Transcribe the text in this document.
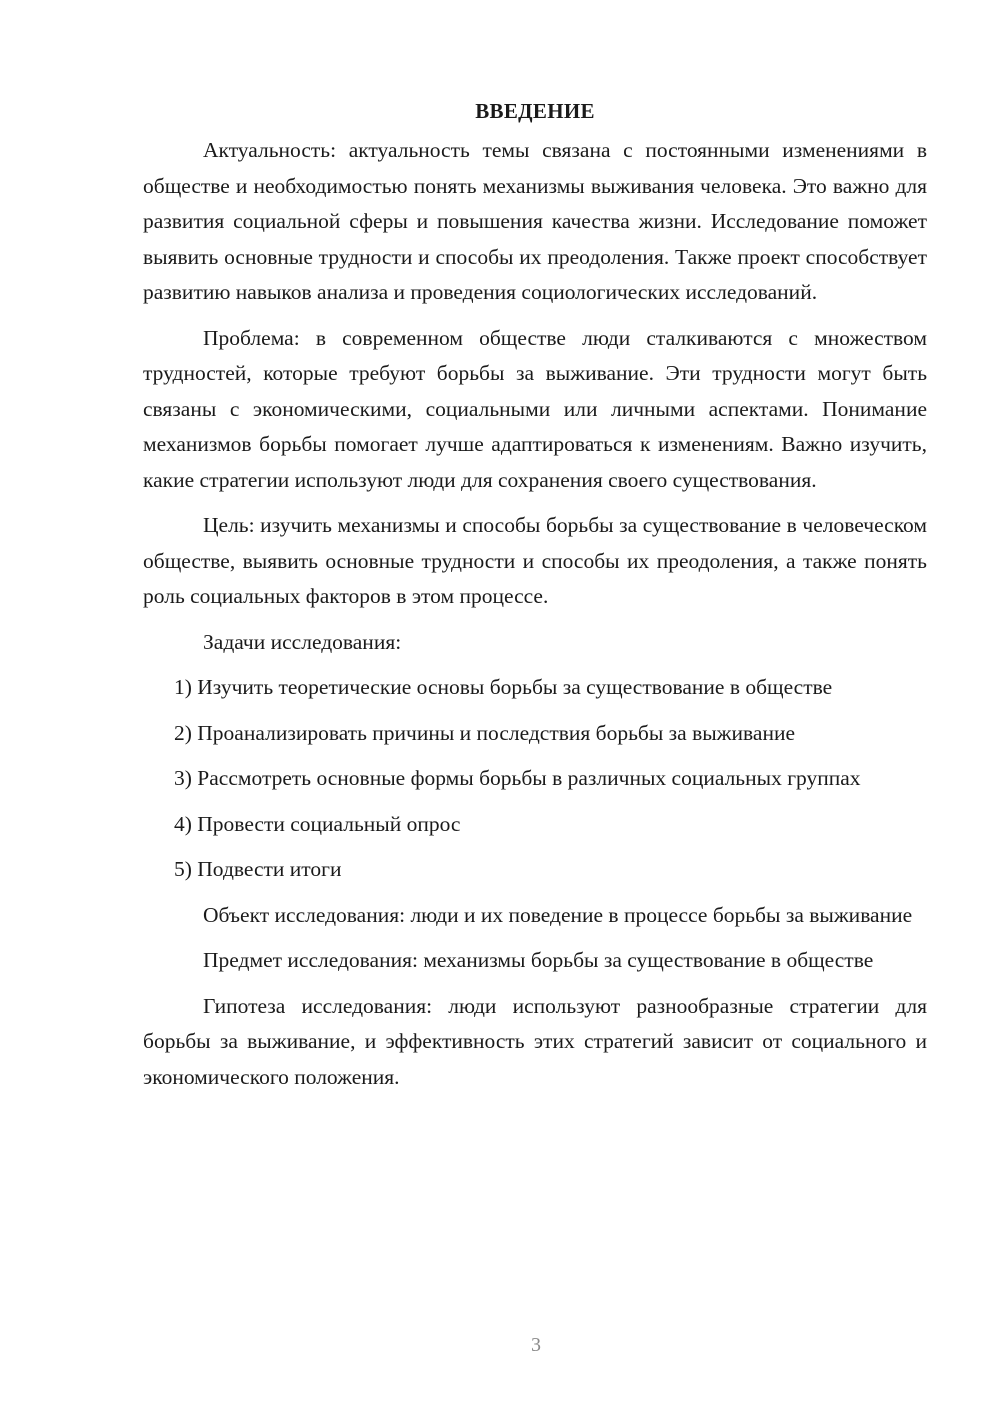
ВВЕДЕНИЕ

Актуальность: актуальность темы связана с постоянными изменениями в обществе и необходимостью понять механизмы выживания человека. Это важно для развития социальной сферы и повышения качества жизни. Исследование поможет выявить основные трудности и способы их преодоления. Также проект способствует развитию навыков анализа и проведения социологических исследований.

Проблема: в современном обществе люди сталкиваются с множеством трудностей, которые требуют борьбы за выживание. Эти трудности могут быть связаны с экономическими, социальными или личными аспектами. Понимание механизмов борьбы помогает лучше адаптироваться к изменениям. Важно изучить, какие стратегии используют люди для сохранения своего существования.

Цель: изучить механизмы и способы борьбы за существование в человеческом обществе, выявить основные трудности и способы их преодоления, а также понять роль социальных факторов в этом процессе.

Задачи исследования:

1) Изучить теоретические основы борьбы за существование в обществе

2) Проанализировать причины и последствия борьбы за выживание

3) Рассмотреть основные формы борьбы в различных социальных группах

4) Провести социальный опрос

5) Подвести итоги

Объект исследования: люди и их поведение в процессе борьбы за выживание

Предмет исследования: механизмы борьбы за существование в обществе

Гипотеза исследования: люди используют разнообразные стратегии для борьбы за выживание, и эффективность этих стратегий зависит от социального и экономического положения.

3
